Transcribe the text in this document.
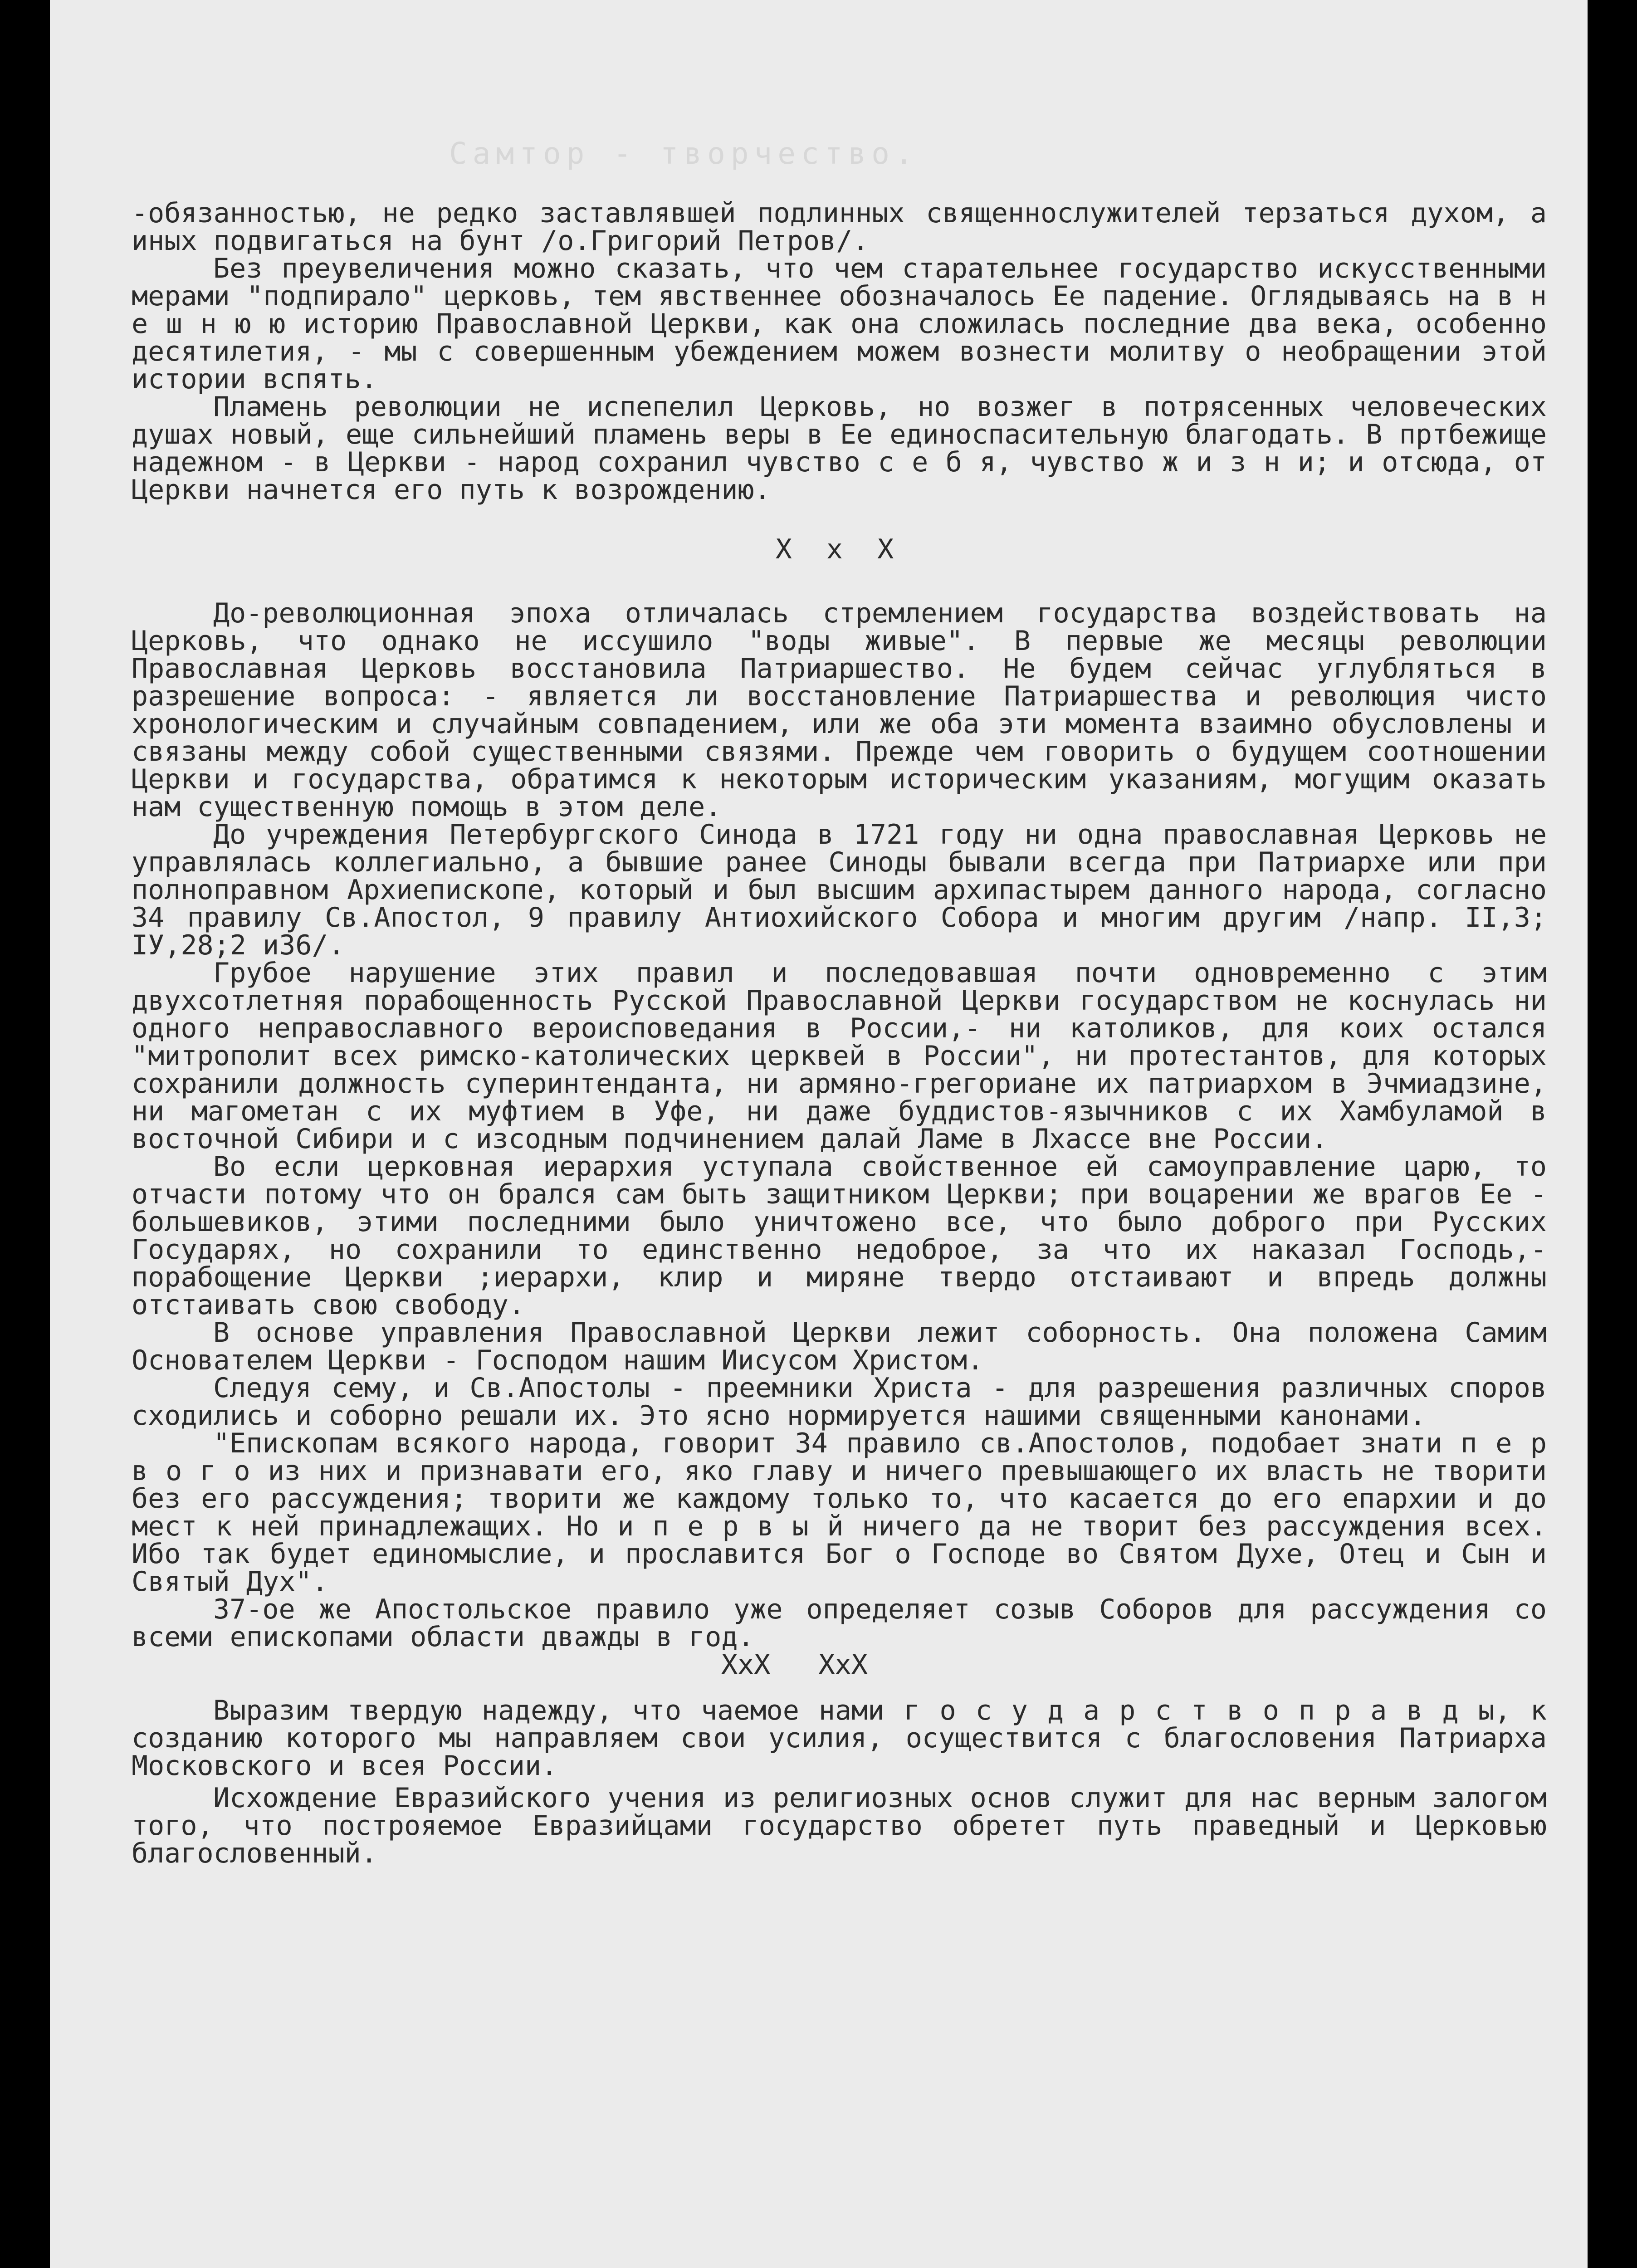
Самтор - творчество.

-обязанностью, не редко заставлявшей подлинных священнослужителей терзаться духом, а иных подвигаться на бунт /о.Григорий Петров/.

Без преувеличения можно сказать, что чем старательнее государство искусственными мерами "подпирало" церковь, тем явственнее обозначалось Ее падение. Оглядываясь на в н е ш н ю ю историю Православной Церкви, как она сложилась последние два века, особенно десятилетия, - мы с совершенным убеждением можем вознести молитву о необращении этой истории вспять.

Пламень революции не испепелил Церковь, но возжег в потрясенных человеческих душах новый, еще сильнейший пламень веры в Ее единоспасительную благодать. В пртбежище надежном - в Церкви - народ сохранил чувство с е б я, чувство ж и з н и; и отсюда, от Церкви начнется его путь к возрождению.

X x X

До-революционная эпоха отличалась стремлением государства воздействовать на Церковь, что однако не иссушило "воды живые". В первые же месяцы революции Православная Церковь восстановила Патриаршество. Не будем сейчас углубляться в разрешение вопроса: - является ли восстановление Патриаршества и революция чисто хронологическим и случайным совпадением, или же оба эти момента взаимно обусловлены и связаны между собой существенными связями. Прежде чем говорить о будущем соотношении Церкви и государства, обратимся к некоторым историческим указаниям, могущим оказать нам существенную помощь в этом деле.

До учреждения Петербургского Синода в 1721 году ни одна православная Церковь не управлялась коллегиально, а бывшие ранее Синоды бывали всегда при Патриархе или при полноправном Архиепископе, который и был высшим архипастырем данного народа, согласно 34 правилу Св.Апостол, 9 правилу Антиохийского Собора и многим другим /напр. II,3; IУ,28;2 и36/.

Грубое нарушение этих правил и последовавшая почти одновременно с этим двухсотлетняя порабощенность Русской Православной Церкви государством не коснулась ни одного неправославного вероисповедания в России,- ни католиков, для коих остался "митрополит всех римско-католических церквей в России", ни протестантов, для которых сохранили должность суперинтенданта, ни армяно-грегориане их патриархом в Эчмиадзине, ни магометан с их муфтием в Уфе, ни даже буддистов-язычников с их Хамбуламой в восточной Сибири и с изсодным подчинением далай Ламе в Лхассе вне России.

Во если церковная иерархия уступала свойственное ей самоуправление царю, то отчасти потому что он брался сам быть защитником Церкви; при воцарении же врагов Ее - большевиков, этими последними было уничтожено все, что было доброго при Русских Государях, но сохранили то единственно недоброе, за что их наказал Господь,- порабощение Церкви ;иерархи, клир и миряне твердо отстаивают и впредь должны отстаивать свою свободу.

В основе управления Православной Церкви лежит соборность. Она положена Самим Основателем Церкви - Господом нашим Иисусом Христом.

Следуя сему, и Св.Апостолы - преемники Христа - для разрешения различных споров сходились и соборно решали их. Это ясно нормируется нашими священными канонами.

"Епископам всякого народа, говорит 34 правило св.Апостолов, подобает знати п е р в о г о из них и признавати его, яко главу и ничего превышающего их власть не творити без его рассуждения; творити же каждому только то, что касается до его епархии и до мест к ней принадлежащих. Но и п е р в ы й ничего да не творит без рассуждения всех. Ибо так будет единомыслие, и прославится Бог о Господе во Святом Духе, Отец и Сын и Святый Дух".

37-ое же Апостольское правило уже определяет созыв Соборов для рассуждения со всеми епископами области дважды в год.

XxX XxX

Выразим твердую надежду, что чаемое нами г о с у д а р с т в о п р а в д ы, к созданию которого мы направляем свои усилия, осуществится с благословения Патриарха Московского и всея России.

Исхождение Евразийского учения из религиозных основ служит для нас верным залогом того, что построяемое Евразийцами государство обретет путь праведный и Церковью благословенный.
